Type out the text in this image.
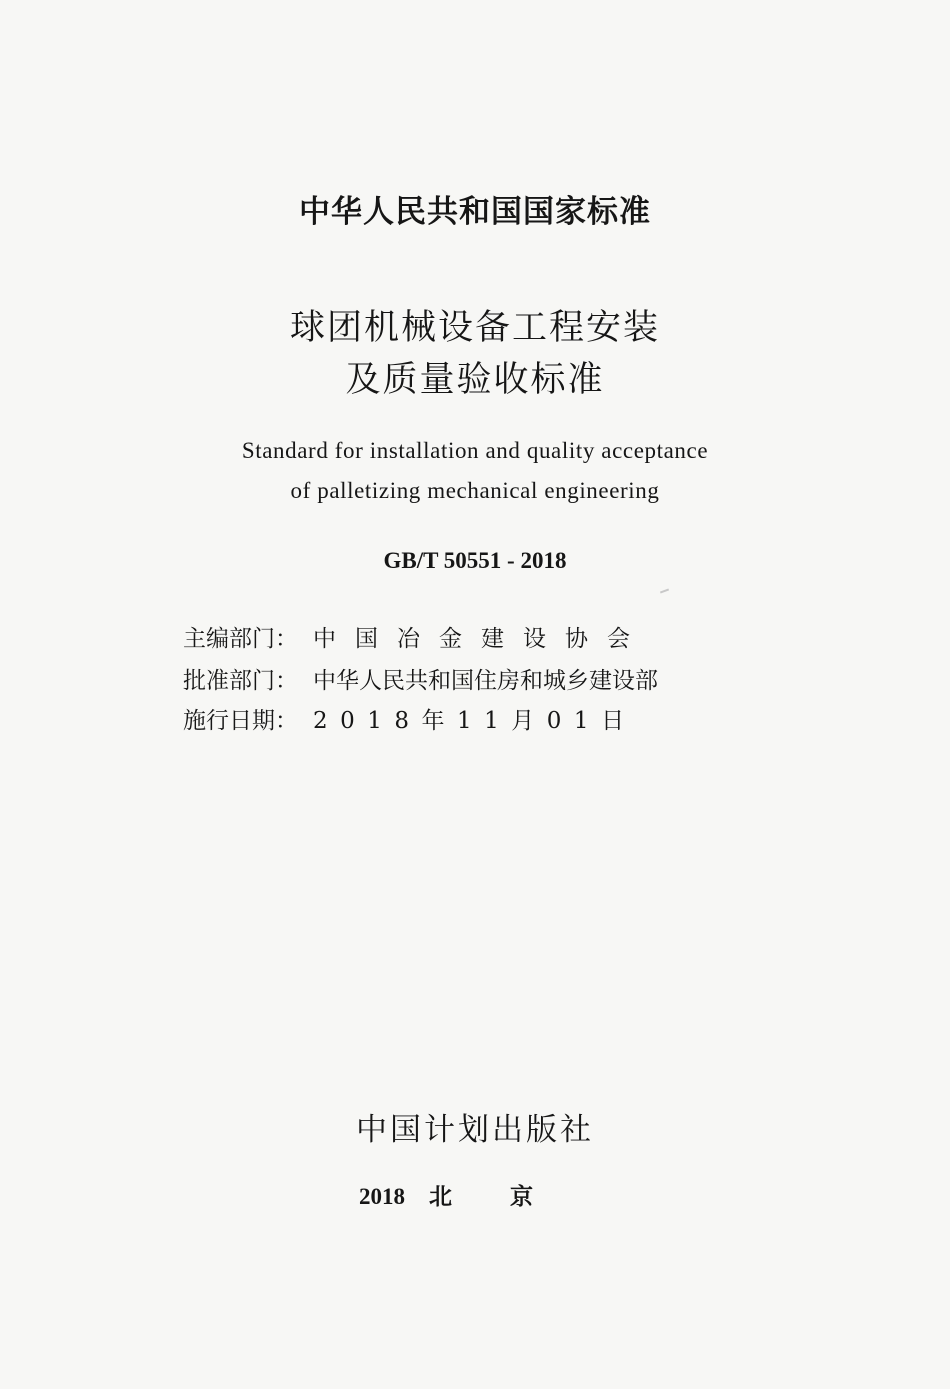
中华人民共和国国家标准
球团机械设备工程安装
及质量验收标准
Standard for installation and quality acceptance
of palletizing mechanical engineering
GB/T 50551 - 2018
主编部门： 中国冶金建设协会
批准部门： 中华人民共和国住房和城乡建设部
施行日期： 2018年11月01日
中国计划出版社
2018 北京
